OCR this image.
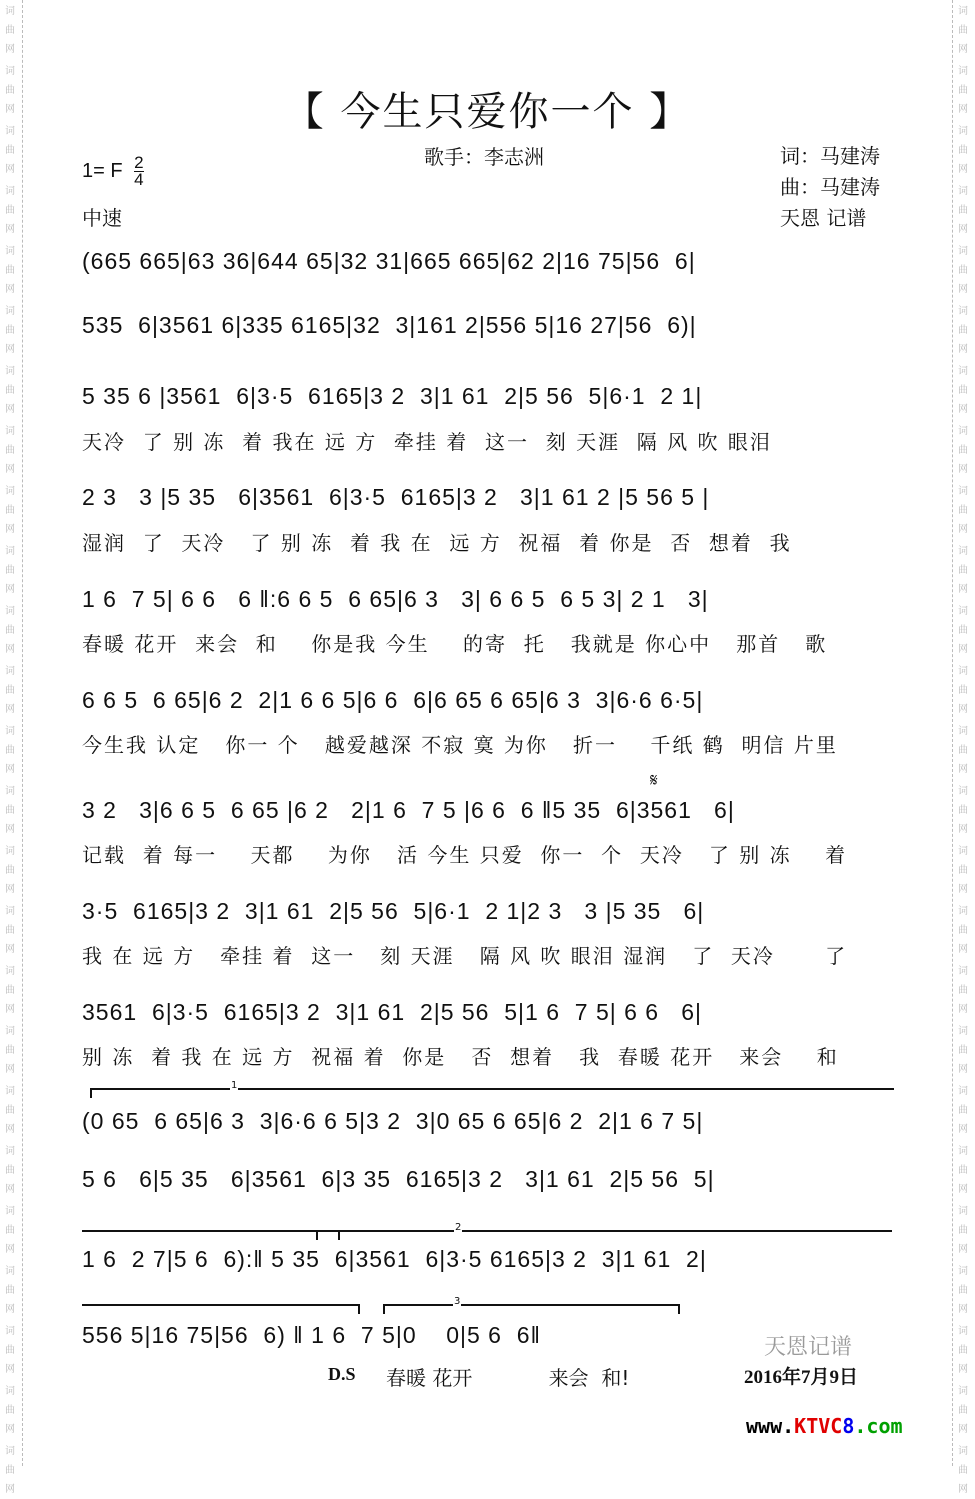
词
曲
网
词
曲
网
词
曲
网
词
曲
网
词
曲
网
词
曲
网
词
曲
网
词
曲
网
词
曲
网
词
曲
网
词
曲
网
词
曲
网
词
曲
网
词
曲
网
词
曲
网
词
曲
网
词
曲
网
词
曲
网
词
曲
网
词
曲
网
词
曲
网
词
曲
网
词
曲
网
词
曲
网
词
曲
网
词
曲
网
词
曲
网
词
曲
网
词
曲
网
词
曲
网
词
曲
网
词
曲
网
词
曲
网
词
曲
网
词
曲
网
词
曲
网
词
曲
网
词
曲
网
词
曲
网
词
曲
网
词
曲
网
词
曲
网
词
曲
网
词
曲
网
词
曲
网
词
曲
网
词
曲
网
词
曲
网
词
曲
网
词
曲
网
【 今生只爱你一个 】
1= F $\frac{2}{4}$
中速
歌手：李志洲	词：马建涛
曲：马建涛
天恩 记谱
(665 665|63 36|644 65|32 31|665 665|62 2|16 75|56  6|
535  6|3561 6|335 6165|32  3|161 2|556 5|16 27|56  6)|
5 35 6 |3561  6|3·5  6165|3 2  3|1 61  2|5 56  5|6·1  2 1|
天冷  了 别 冻  着 我在 远 方  牵挂 着  这一  刻 天涯  隔 风 吹 眼泪
2 3   3 |5 35   6|3561  6|3·5  6165|3 2   3|1 61 2 |5 56 5 |
湿润  了  天冷   了 别 冻  着 我 在  远 方  祝福  着 你是  否  想着  我
1 6  7 5| 6 6   6 ‖:6 6 5  6 65|6 3   3| 6 6 5  6 5 3| 2 1   3|
春暖 花开  来会  和    你是我 今生    的寄  托   我就是 你心中   那首   歌
6 6 5  6 65|6 2  2|1 6 6 5|6 6  6|6 65 6 65|6 3  3|6·6 6·5|
今生我 认定   你一 个   越爱越深 不寂 寞 为你   折一    千纸 鹤  明信 片里
𝄋
3 2   3|6 6 5  6 65 |6 2   2|1 6  7 5 |6 6  6 ‖5 35  6|3561   6|
记载  着 每一    天都    为你   活 今生 只爱  你一  个  天冷   了 别 冻    着
3·5  6165|3 2  3|1 61  2|5 56  5|6·1  2 1|2 3   3 |5 35   6|
我 在 远 方   牵挂 着  这一   刻 天涯   隔 风 吹 眼泪 湿润   了  天冷      了
3561  6|3·5  6165|3 2  3|1 61  2|5 56  5|1 6  7 5| 6 6   6|
别 冻  着 我 在 远 方  祝福 着  你是   否  想着   我  春暖 花开   来会    和
1
(0 65  6 65|6 3  3|6·6 6 5|3 2  3|0 65 6 65|6 2  2|1 6 7 5|
5 6   6|5 35   6|3561  6|3 35  6165|3 2   3|1 61  2|5 56  5|
2
1 6  2 7|5 6  6):‖ 5 35  6|3561  6|3·5 6165|3 2  3|1 61  2|
3
556 5|16 75|56  6) ‖ 1 6  7 5|0    0|5 6  6‖
D.S 春暖 花开            来会  和!
天恩记谱
2016年7月9日
www.KTVC8.com
